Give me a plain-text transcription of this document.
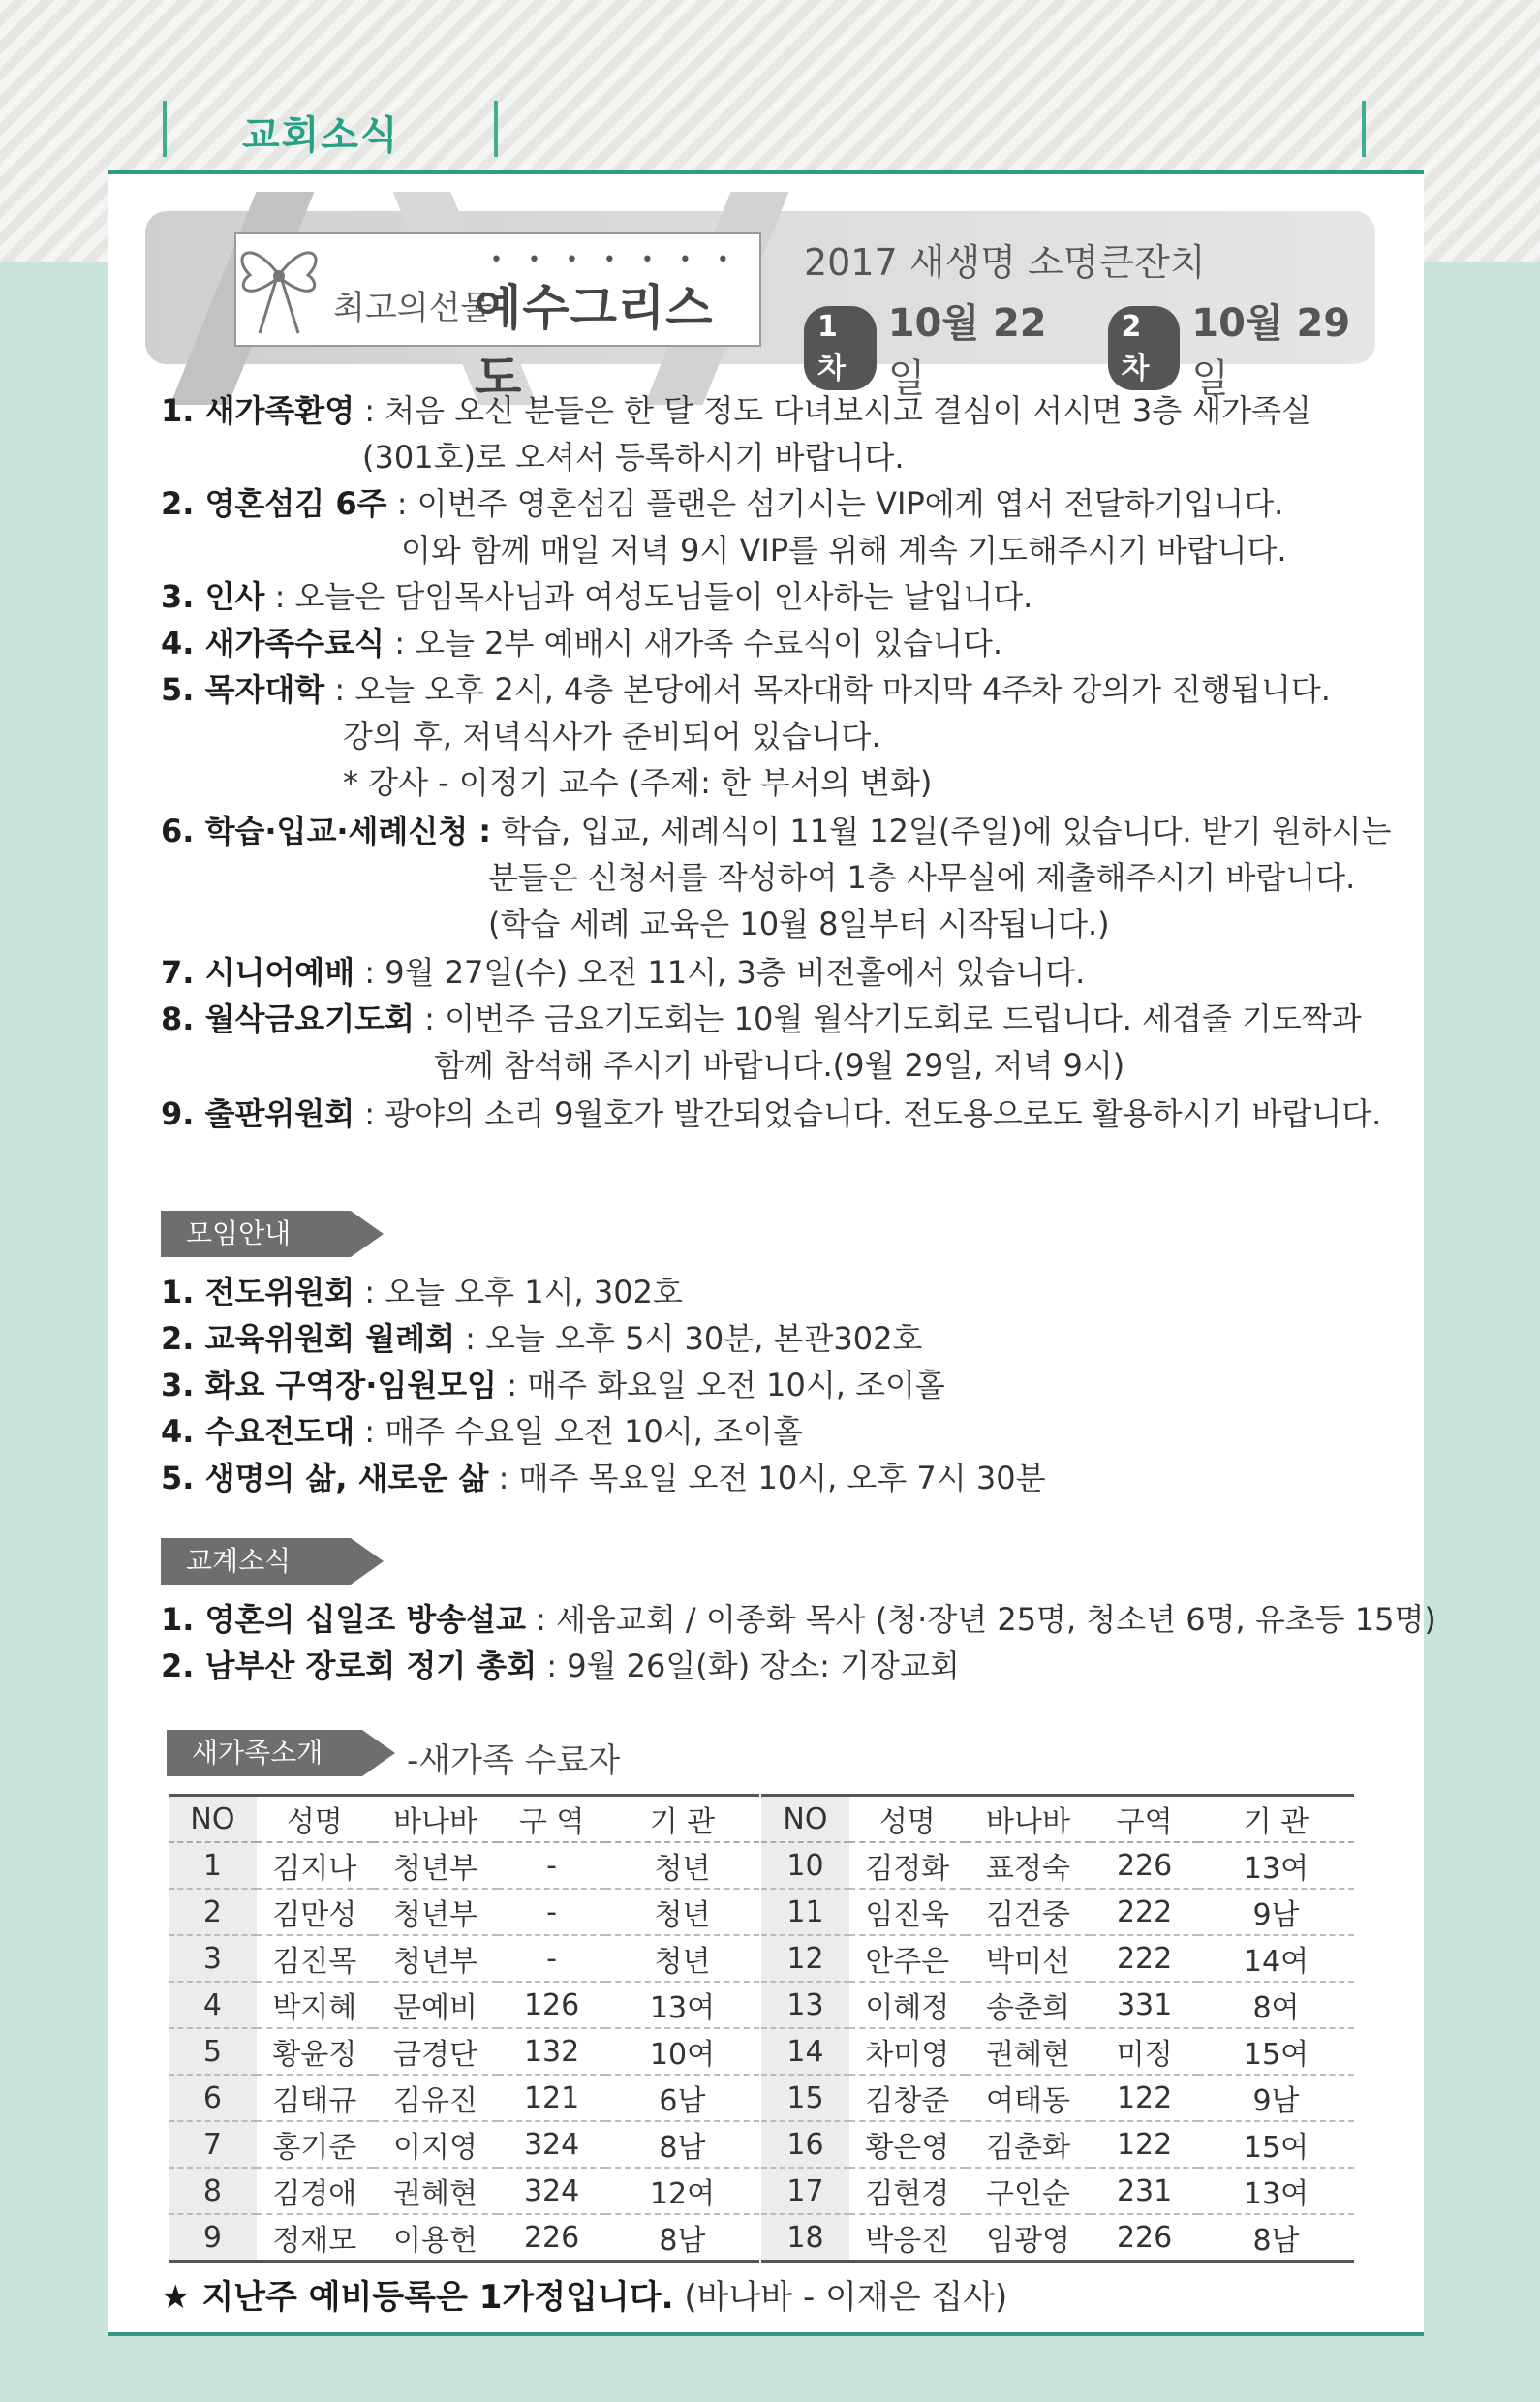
교회소식
•••••••
최고의선물
예수그리스도
2017 새생명 소명큰잔치
1차
10월 22일
2차
10월 29일
1. 새가족환영 : 처음 오신 분들은 한 달 정도 다녀보시고 결심이 서시면 3층 새가족실
(301호)로 오셔서 등록하시기 바랍니다.
2. 영혼섬김 6주 : 이번주 영혼섬김 플랜은 섬기시는 VIP에게 엽서 전달하기입니다.
이와 함께 매일 저녁 9시 VIP를 위해 계속 기도해주시기 바랍니다.
3. 인사 : 오늘은 담임목사님과 여성도님들이 인사하는 날입니다.
4. 새가족수료식 : 오늘 2부 예배시 새가족 수료식이 있습니다.
5. 목자대학 : 오늘 오후 2시, 4층 본당에서 목자대학 마지막 4주차 강의가 진행됩니다.
강의 후, 저녁식사가 준비되어 있습니다.
* 강사 - 이정기 교수 (주제: 한 부서의 변화)
6. 학습·입교·세례신청 : 학습, 입교, 세례식이 11월 12일(주일)에 있습니다. 받기 원하시는
분들은 신청서를 작성하여 1층 사무실에 제출해주시기 바랍니다.
(학습 세례 교육은 10월 8일부터 시작됩니다.)
7. 시니어예배 : 9월 27일(수) 오전 11시, 3층 비전홀에서 있습니다.
8. 월삭금요기도회 : 이번주 금요기도회는 10월 월삭기도회로 드립니다. 세겹줄 기도짝과
함께 참석해 주시기 바랍니다.(9월 29일, 저녁 9시)
9. 출판위원회 : 광야의 소리 9월호가 발간되었습니다. 전도용으로도 활용하시기 바랍니다.
모임안내
1. 전도위원회 : 오늘 오후 1시, 302호
2. 교육위원회 월례회 : 오늘 오후 5시 30분, 본관302호
3. 화요 구역장·임원모임 : 매주 화요일 오전 10시, 조이홀
4. 수요전도대 : 매주 수요일 오전 10시, 조이홀
5. 생명의 삶, 새로운 삶 : 매주 목요일 오전 10시, 오후 7시 30분
교계소식
1. 영혼의 십일조 방송설교 : 세움교회 / 이종화 목사 (청·장년 25명, 청소년 6명, 유초등 15명)
2. 남부산 장로회 정기 총회 : 9월 26일(화) 장소: 기장교회
새가족소개	-새가족 수료자
NO	성명	바나바	구 역	기 관
1	김지나	청년부	-	청년
2	김만성	청년부	-	청년
3	김진목	청년부	-	청년
4	박지혜	문예비	126	13여
5	황윤정	금경단	132	10여
6	김태규	김유진	121	6남
7	홍기준	이지영	324	8남
8	김경애	권혜현	324	12여
9	정재모	이용헌	226	8남
NO	성명	바나바	구역	기 관
10	김정화	표정숙	226	13여
11	임진욱	김건중	222	9남
12	안주은	박미선	222	14여
13	이혜정	송춘희	331	8여
14	차미영	권혜현	미정	15여
15	김창준	여태동	122	9남
16	황은영	김춘화	122	15여
17	김현경	구인순	231	13여
18	박응진	임광영	226	8남
★ 지난주 예비등록은 1가정입니다. (바나바 - 이재은 집사)
